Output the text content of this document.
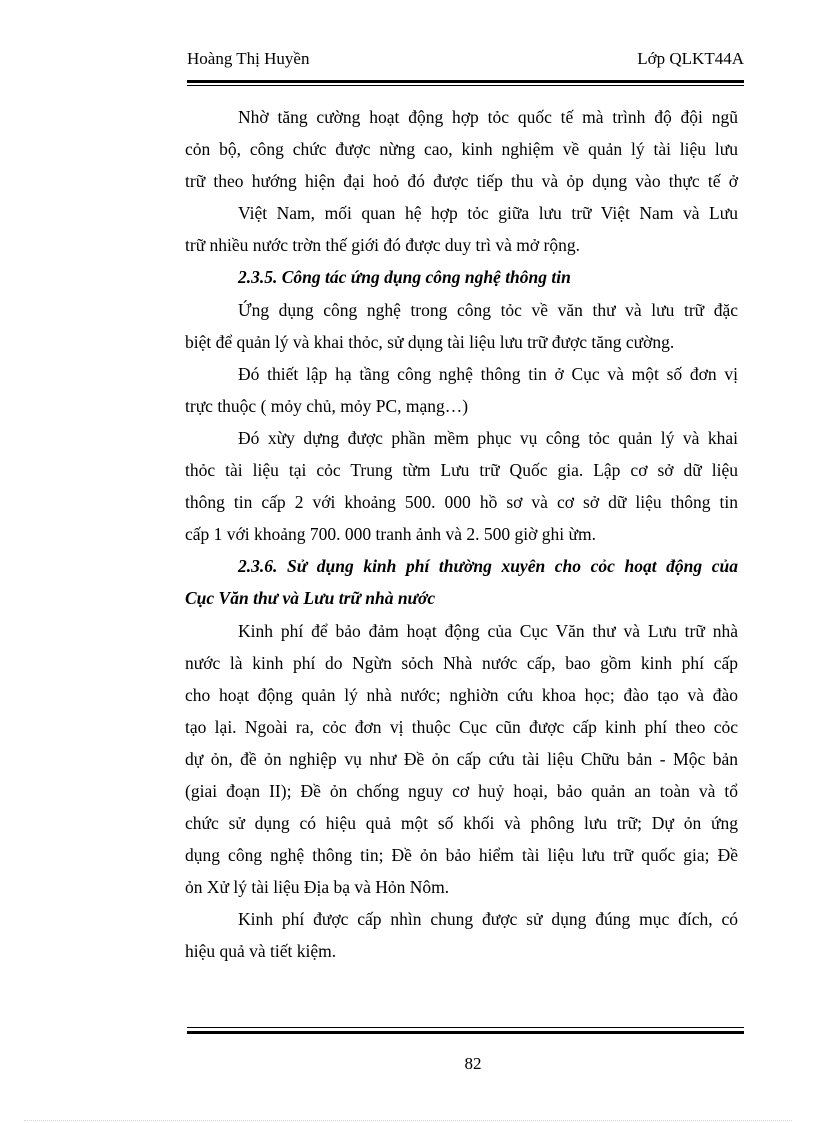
Hoàng Thị Huyền	Lớp QLKT44A
Nhờ tăng cường hoạt động hợp tỏc quốc tế mà trình độ đội ngũ
cỏn bộ, công chức được nừng cao, kinh nghiệm về quản lý tài liệu lưu
trữ theo hướng hiện đại hoỏ đó được tiếp thu và ỏp dụng vào thực tế ở
Việt Nam, mối quan hệ hợp tỏc giữa lưu trữ Việt Nam và Lưu
trữ nhiều nước trờn thế giới đó được duy trì và mở rộng.
2.3.5. Công tác ứng dụng công nghệ thông tin
Ứng dụng công nghệ trong công tỏc về văn thư và lưu trữ đặc
biệt để quản lý và khai thỏc, sử dụng tài liệu lưu trữ được tăng cường.
Đó thiết lập hạ tầng công nghệ thông tin ở Cục và một số đơn vị
trực thuộc ( mỏy chủ, mỏy PC, mạng…)
Đó xừy dựng được phần mềm phục vụ công tỏc quản lý và khai
thỏc tài liệu tại cỏc Trung từm Lưu trữ Quốc gia. Lập cơ sở dữ liệu
thông tin cấp 2 với khoảng 500. 000 hồ sơ và cơ sở dữ liệu thông tin
cấp 1 với khoảng 700. 000 tranh ảnh và 2. 500 giờ ghi ừm.
2.3.6. Sử dụng kinh phí thường xuyên cho cỏc hoạt động của
Cục Văn thư và Lưu trữ nhà nước
Kinh phí để bảo đảm hoạt động của Cục Văn thư và Lưu trữ nhà
nước là kinh phí do Ngừn sỏch Nhà nước cấp, bao gồm kinh phí cấp
cho hoạt động quản lý nhà nước; nghiờn cứu khoa học; đào tạo và đào
tạo lại. Ngoài ra, cỏc đơn vị thuộc Cục cũn được cấp kinh phí theo cỏc
dự ỏn, đề ỏn nghiệp vụ như Đề ỏn cấp cứu tài liệu Chữu bản - Mộc bản
(giai đoạn II); Đề ỏn chống nguy cơ huỷ hoại, bảo quản an toàn và tổ
chức sử dụng có hiệu quả một số khối và phông lưu trữ; Dự ỏn ứng
dụng công nghệ thông tin; Đề ỏn bảo hiểm tài liệu lưu trữ quốc gia; Đề
ỏn Xử lý tài liệu Địa bạ và Hỏn Nôm.
Kinh phí được cấp nhìn chung được sử dụng đúng mục đích, có
hiệu quả và tiết kiệm.
82
